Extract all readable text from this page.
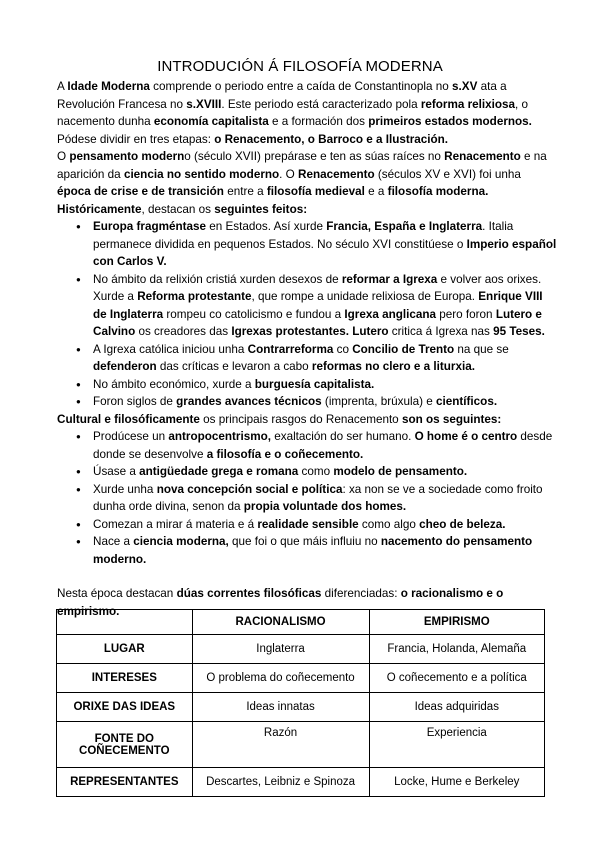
INTRODUCIÓN Á FILOSOFÍA MODERNA

A Idade Moderna comprende o periodo entre a caída de Constantinopla no s.XV ata a Revolución Francesa no s.XVIII. Este periodo está caracterizado pola reforma relixiosa, o nacemento dunha economía capitalista e a formación dos primeiros estados modernos. Pódese dividir en tres etapas: o Renacemento, o Barroco e a Ilustración.

O pensamento moderno (século XVII) prepárase e ten as súas raíces no Renacemento e na aparición da ciencia no sentido moderno. O Renacemento (séculos XV e XVI) foi unha época de crise e de transición entre a filosofía medieval e a filosofía moderna.

Históricamente, destacan os seguintes feitos:

● Europa fragméntase en Estados. Así xurde Francia, España e Inglaterra. Italia permanece dividida en pequenos Estados. No século XVI constitúese o Imperio español con Carlos V.
● No ámbito da relixión cristiá xurden desexos de reformar a Igrexa e volver aos orixes. Xurde a Reforma protestante, que rompe a unidade relixiosa de Europa. Enrique VIII de Inglaterra rompeu co catolicismo e fundou a Igrexa anglicana pero foron Lutero e Calvino os creadores das Igrexas protestantes. Lutero critica á Igrexa nas 95 Teses.
● A Igrexa católica iniciou unha Contrarreforma co Concilio de Trento na que se defenderon das críticas e levaron a cabo reformas no clero e a liturxia.
● No ámbito económico, xurde a burguesía capitalista.
● Foron siglos de grandes avances técnicos (imprenta, brúxula) e científicos.

Cultural e filosóficamente os principais rasgos do Renacemento son os seguintes:

● Prodúcese un antropocentrismo, exaltación do ser humano. O home é o centro desde donde se desenvolve a filosofía e o coñecemento.
● Úsase a antigüedade grega e romana como modelo de pensamento.
● Xurde unha nova concepción social e política: xa non se ve a sociedade como froito dunha orde divina, senon da propia voluntade dos homes.
● Comezan a mirar á materia e á realidade sensible como algo cheo de beleza.
● Nace a ciencia moderna, que foi o que máis influiu no nacemento do pensamento moderno.

Nesta época destacan dúas correntes filosóficas diferenciadas: o racionalismo e o empirismo.

	RACIONALISMO	EMPIRISMO
LUGAR	Inglaterra	Francia, Holanda, Alemaña
INTERESES	O problema do coñecemento	O coñecemento e a política
ORIXE DAS IDEAS	Ideas innatas	Ideas adquiridas
FONTE DO COÑECEMENTO	Razón	Experiencia
REPRESENTANTES	Descartes, Leibniz e Spinoza	Locke, Hume e Berkeley
